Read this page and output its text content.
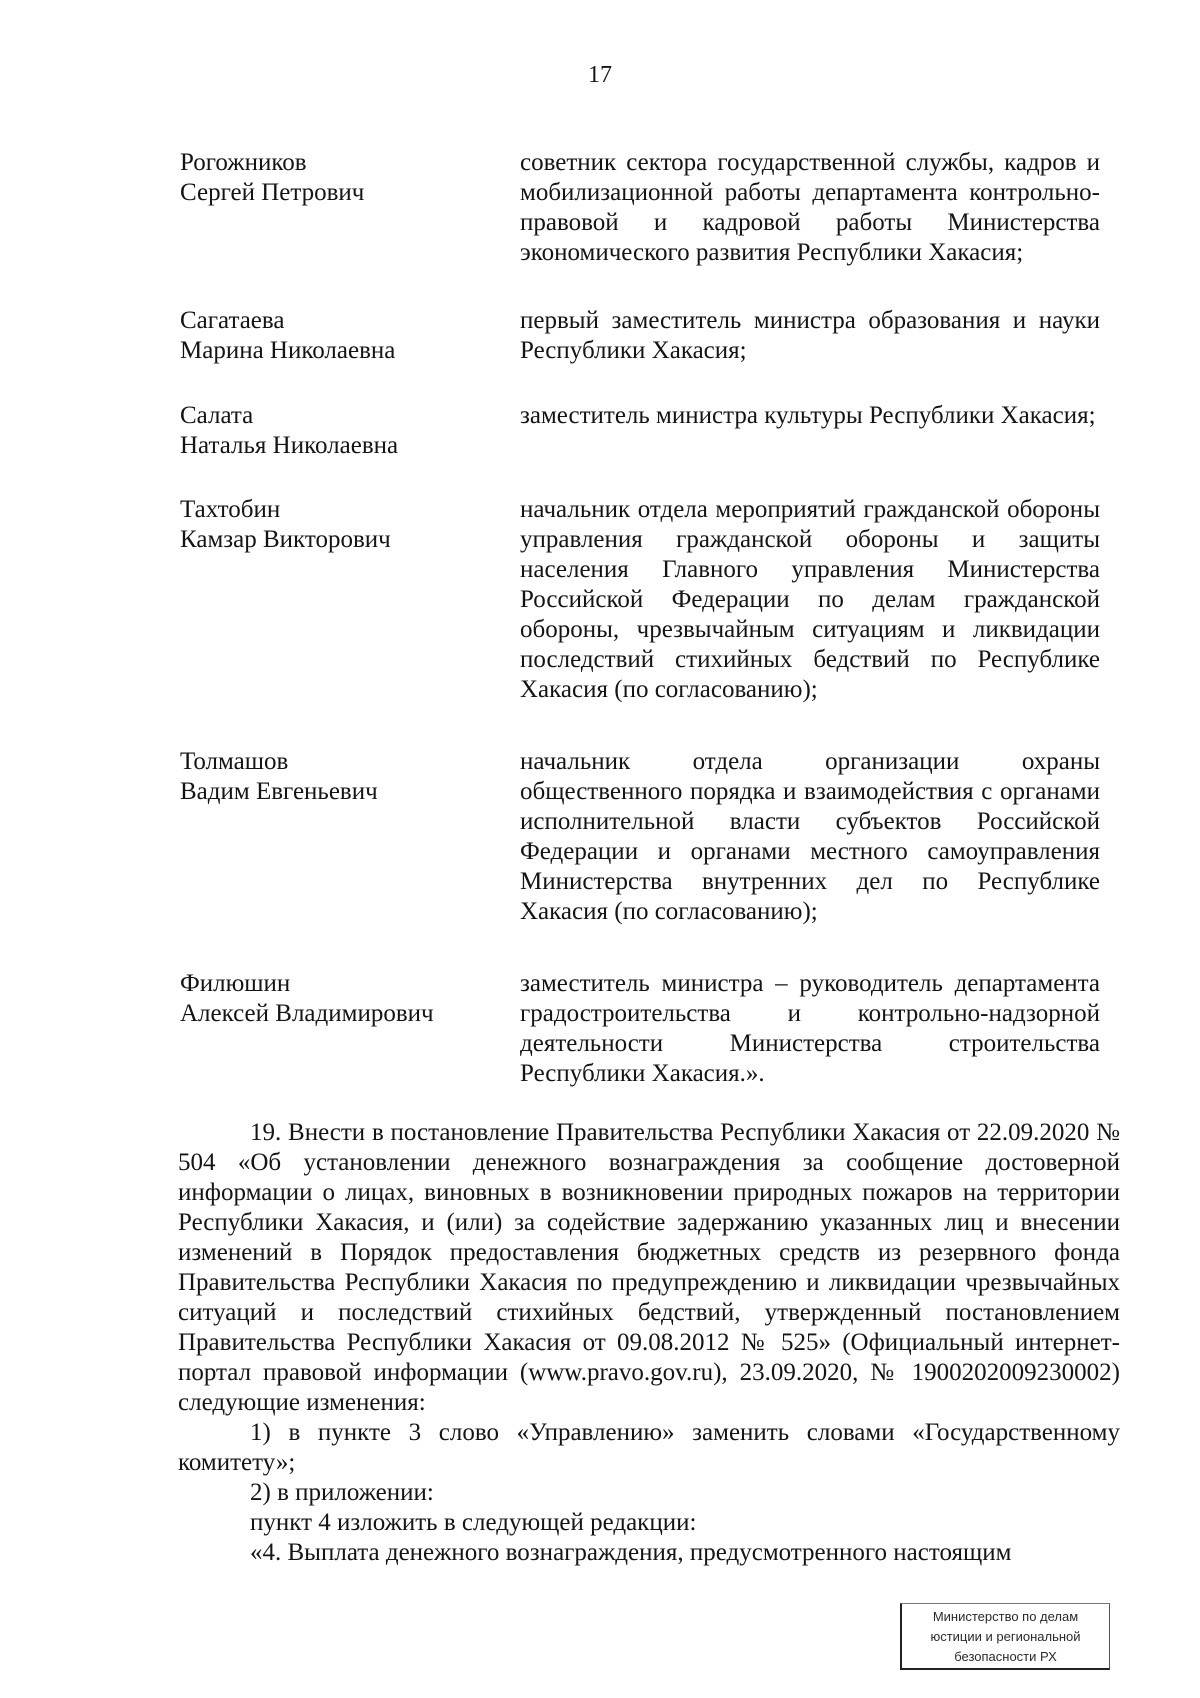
17
Рогожников
Сергей Петрович
советник сектора государственной службы, кадров и мобилизационной работы департамента контрольно-правовой и кадровой работы Министерства экономического развития Республики Хакасия;
Сагатаева
Марина Николаевна
первый заместитель министра образования и науки Республики Хакасия;
Салата
Наталья Николаевна
заместитель министра культуры Республики Хакасия;
Тахтобин
Камзар Викторович
начальник отдела мероприятий гражданской обороны управления гражданской обороны и защиты населения Главного управления Министерства Российской Федерации по делам гражданской обороны, чрезвычайным ситуациям и ликвидации последствий стихийных бедствий по Республике Хакасия (по согласованию);
Толмашов
Вадим Евгеньевич
начальник отдела организации охраны общественного порядка и взаимодействия с органами исполнительной власти субъектов Российской Федерации и органами местного самоуправления Министерства внутренних дел по Республике Хакасия (по согласованию);
Филюшин
Алексей Владимирович
заместитель министра – руководитель департамента градостроительства и контрольно-надзорной деятельности Министерства строительства Республики Хакасия.».

19. Внести в постановление Правительства Республики Хакасия от 22.09.2020 № 504 «Об установлении денежного вознаграждения за сообщение достоверной информации о лицах, виновных в возникновении природных пожаров на территории Республики Хакасия, и (или) за содействие задержанию указанных лиц и внесении изменений в Порядок предоставления бюджетных средств из резервного фонда Правительства Республики Хакасия по предупреждению и ликвидации чрезвычайных ситуаций и последствий стихийных бедствий, утвержденный постановлением Правительства Республики Хакасия от 09.08.2012 № 525» (Официальный интернет-портал правовой информации (www.pravo.gov.ru), 23.09.2020, № 1900202009230002) следующие изменения:

1) в пункте 3 слово «Управлению» заменить словами «Государственному комитету»;

2) в приложении:

пункт 4 изложить в следующей редакции:

«4. Выплата денежного вознаграждения, предусмотренного настоящим

Министерство по делам
юстиции и региональной
безопасности РХ
